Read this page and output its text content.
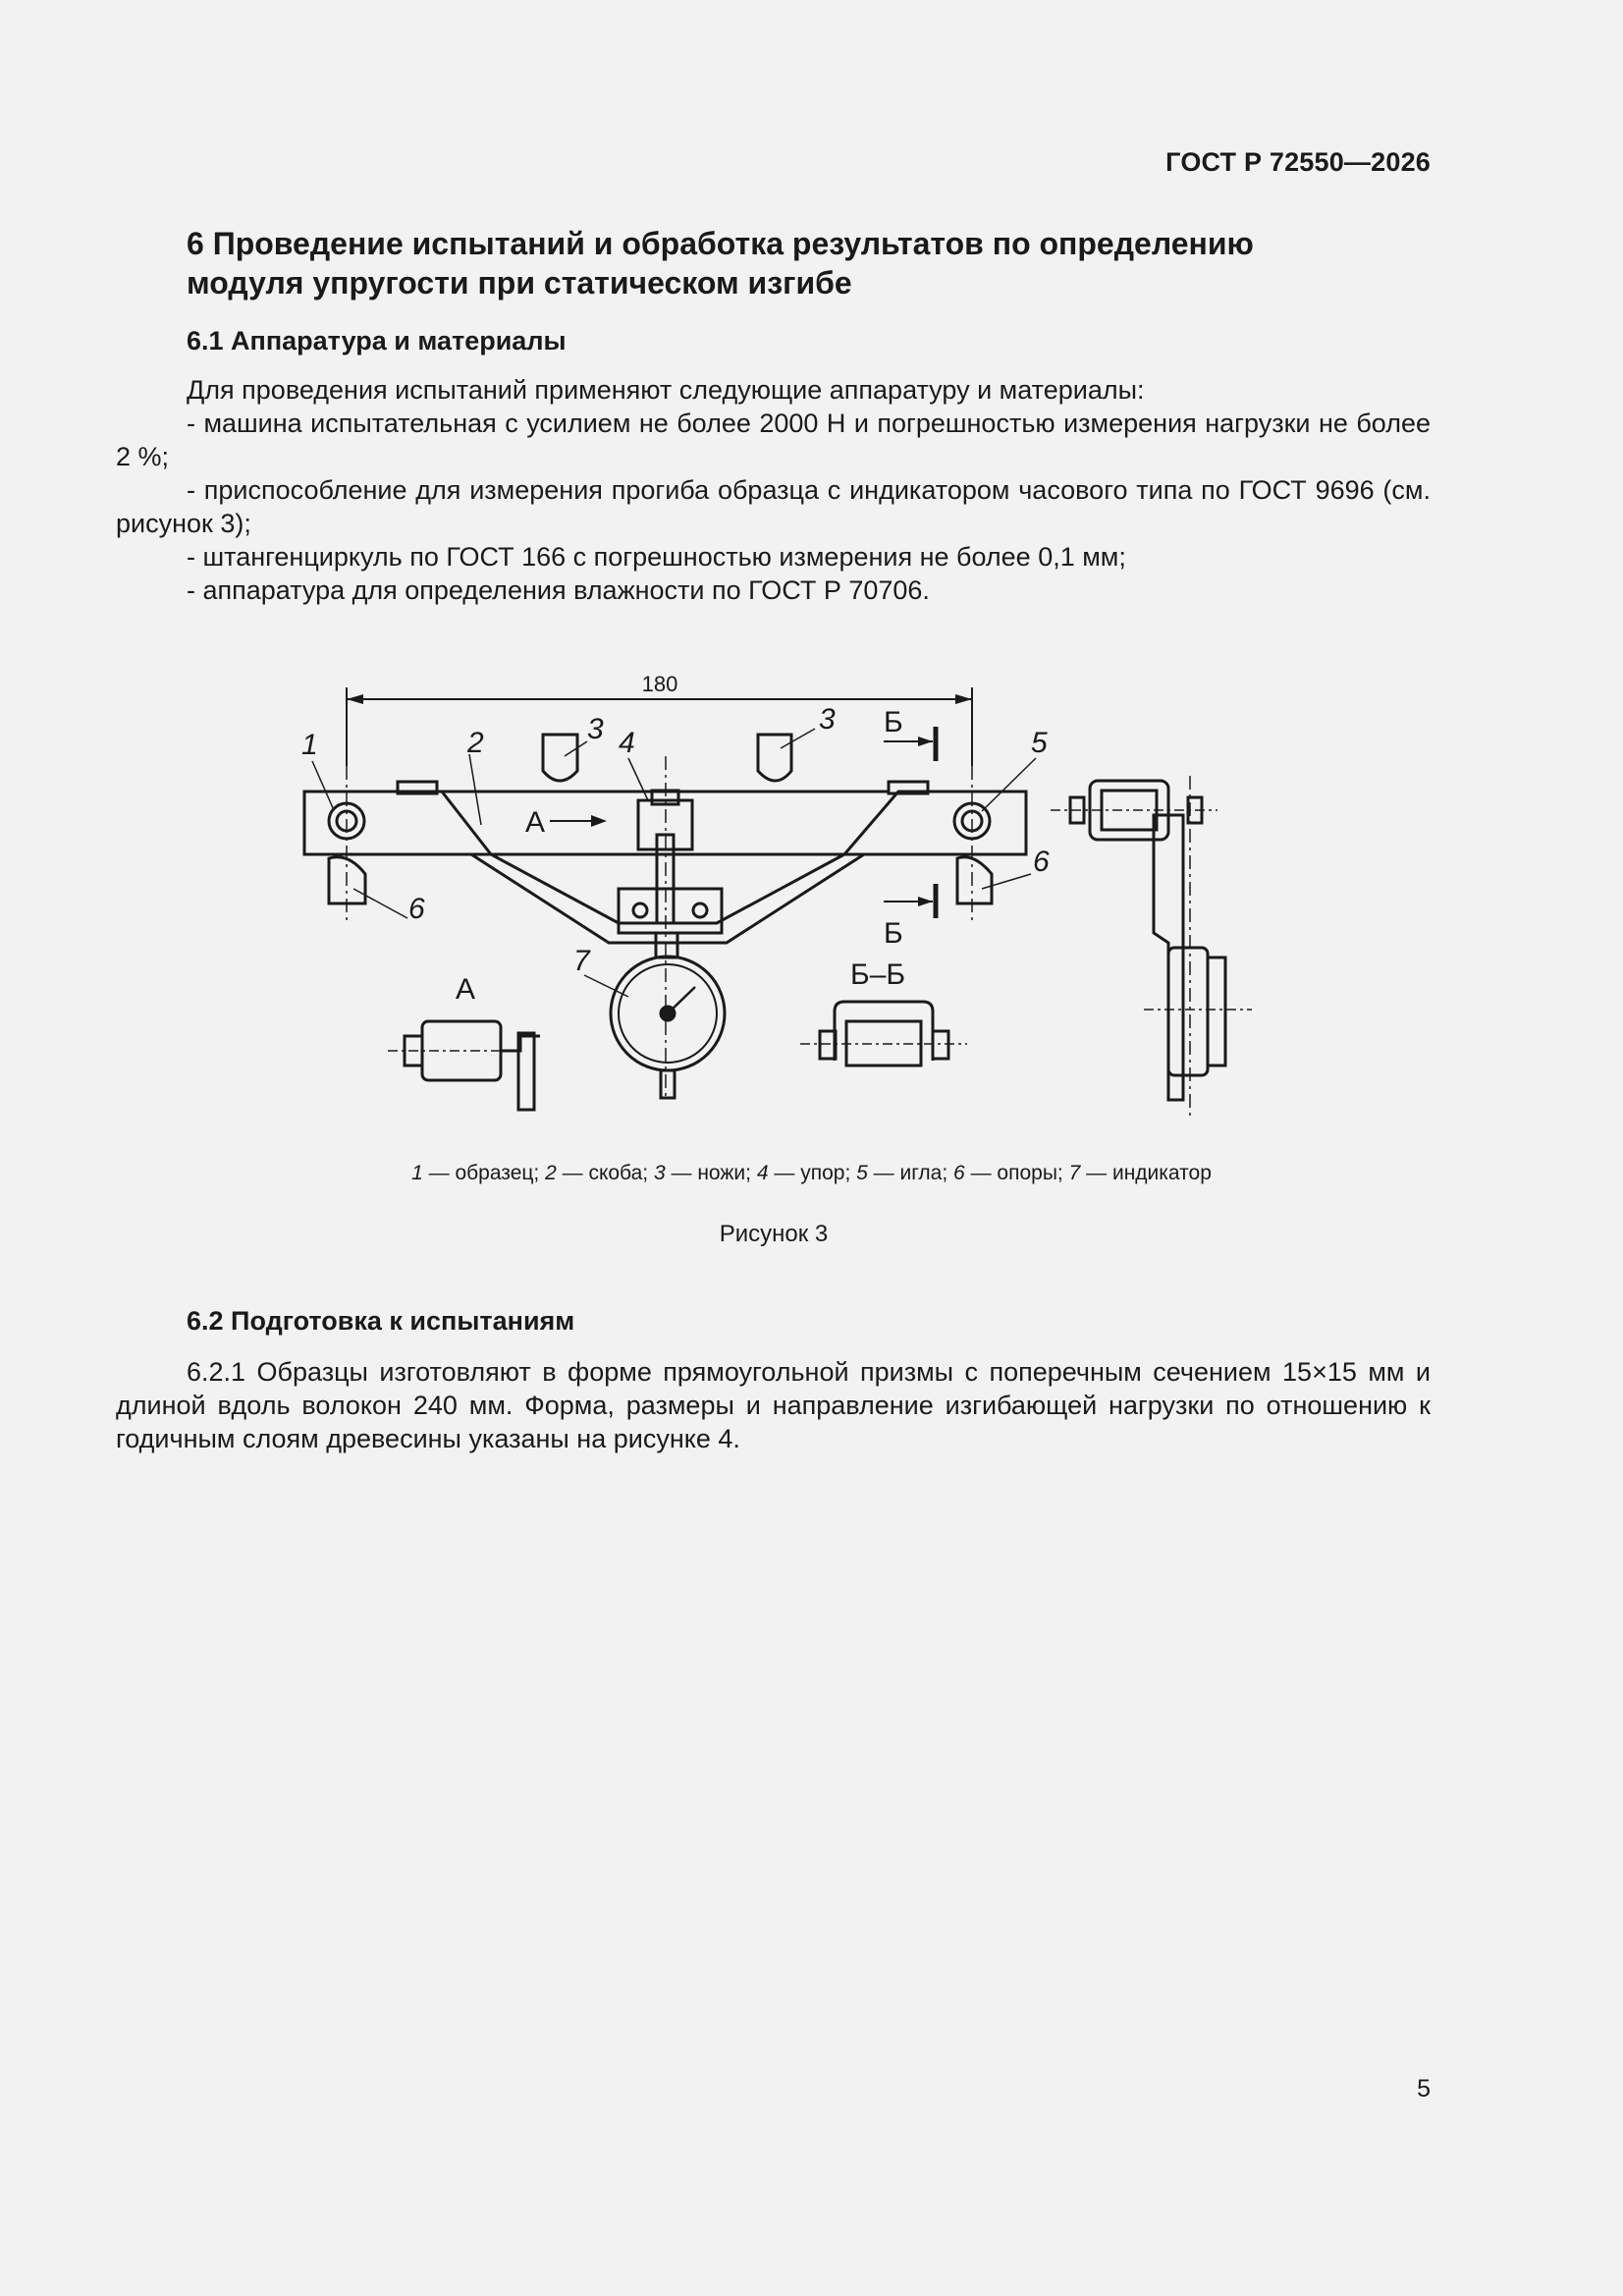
ГОСТ Р 72550—2026
6 Проведение испытаний и обработка результатов по определению
модуля упругости при статическом изгибе
6.1 Аппаратура и материалы

Для проведения испытаний применяют следующие аппаратуру и материалы:

- машина испытательная с усилием не более 2000 Н и погрешностью измерения нагрузки не более 2 %;

- приспособление для измерения прогиба образца с индикатором часового типа по ГОСТ 9696 (см. рисунок 3);

- штангенциркуль по ГОСТ 166 с погрешностью измерения не более 0,1 мм;

- аппаратура для определения влажности по ГОСТ Р 70706.

180
1	2	3	3
4	5
6
6
7
А
Б
Б
А	Б–Б
1 — образец; 2 — скоба; 3 — ножи; 4 — упор; 5 — игла; 6 — опоры; 7 — индикатор
Рисунок 3
6.2 Подготовка к испытаниям

6.2.1 Образцы изготовляют в форме прямоугольной призмы с поперечным сечением 15×15 мм и длиной вдоль волокон 240 мм. Форма, размеры и направление изгибающей нагрузки по отношению к годичным слоям древесины указаны на рисунке 4.

5
